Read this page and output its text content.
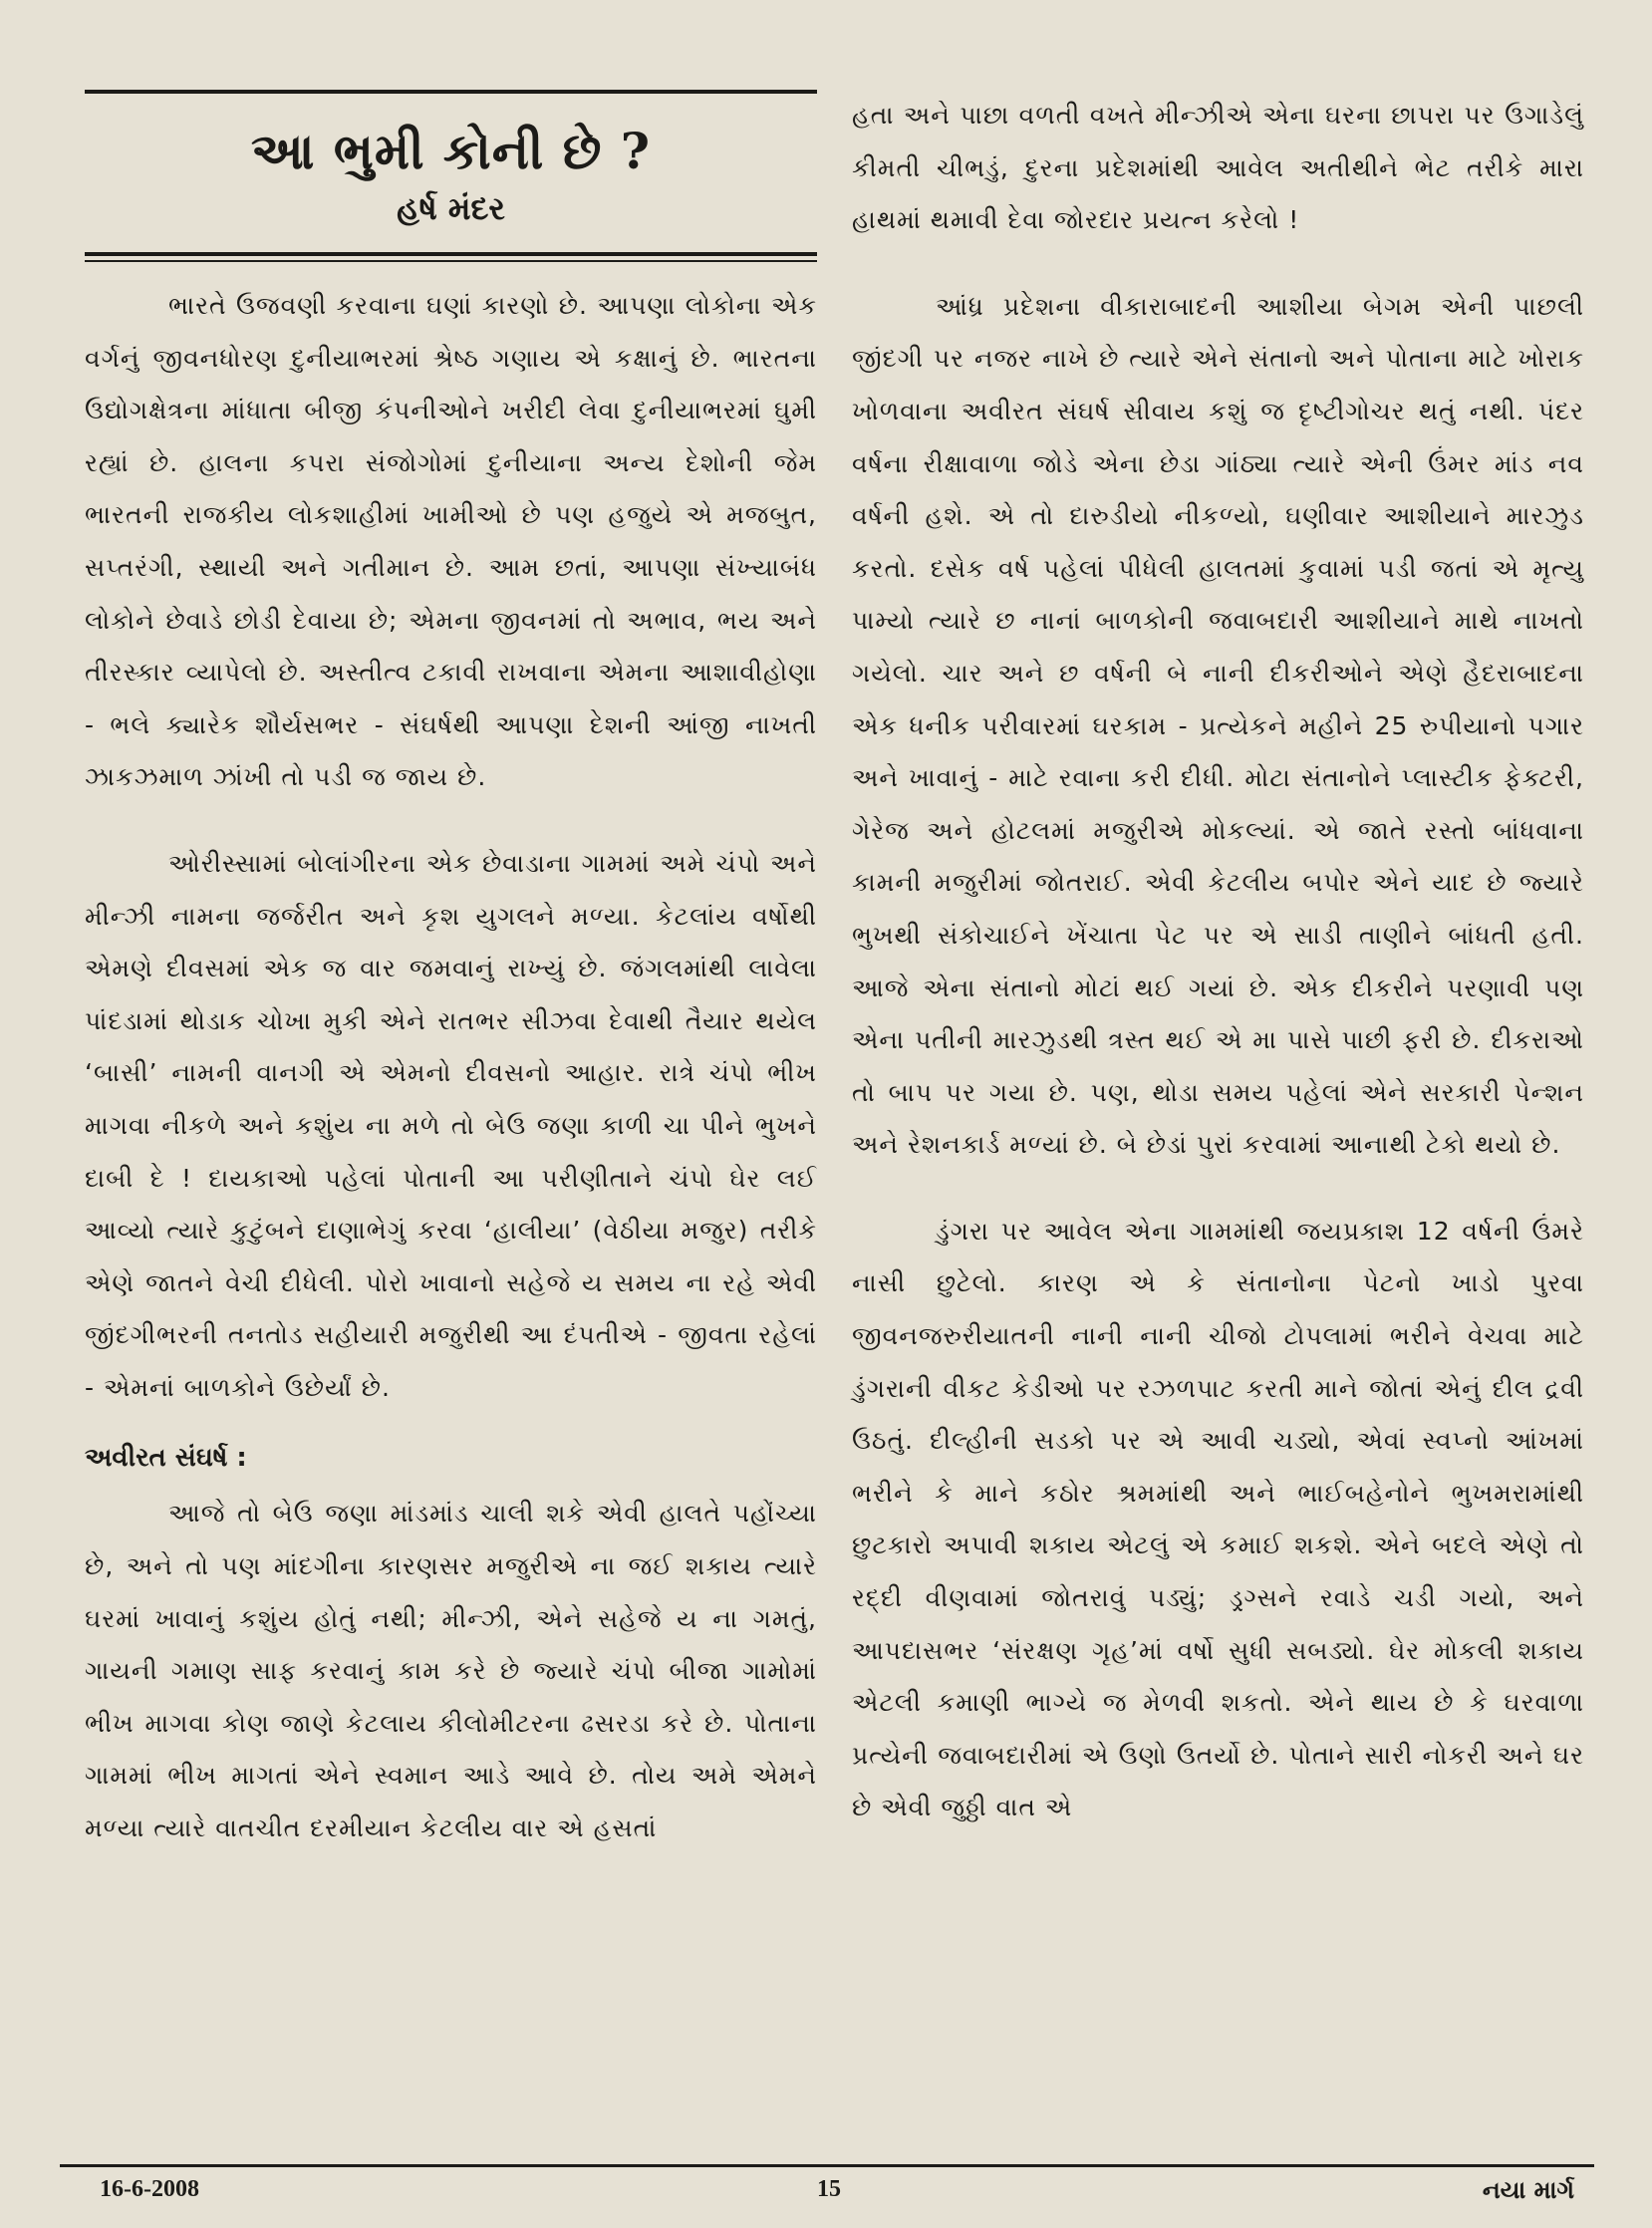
આ ભુમી કોની છે ?
હર્ષ મંદર

ભારતે ઉજવણી કરવાના ઘણાં કારણો છે. આપણા લોકોના એક વર્ગનું જીવનધોરણ દુનીયાભરમાં શ્રેષ્ઠ ગણાય એ કક્ષાનું છે. ભારતના ઉદ્યોગક્ષેત્રના માંધાતા બીજી કંપનીઓને ખરીદી લેવા દુનીયાભરમાં ઘુમી રહ્યાં છે. હાલના કપરા સંજોગોમાં દુનીયાના અન્ય દેશોની જેમ ભારતની રાજકીય લોકશાહીમાં ખામીઓ છે પણ હજુયે એ મજબુત, સપ્તરંગી, સ્થાયી અને ગતીમાન છે. આમ છતાં, આપણા સંખ્યાબંધ લોકોને છેવાડે છોડી દેવાયા છે; એમના જીવનમાં તો અભાવ, ભય અને તીરસ્કાર વ્યાપેલો છે. અસ્તીત્વ ટકાવી રાખવાના એમના આશાવીહોણા - ભલે ક્યારેક શૌર્યસભર - સંઘર્ષથી આપણા દેશની આંજી નાખતી ઝાકઝમાળ ઝાંખી તો પડી જ જાય છે.

ઓરીસ્સામાં બોલાંગીરના એક છેવાડાના ગામમાં અમે ચંપો અને મીન્ઝી નામના જર્જરીત અને કૃશ યુગલને મળ્યા. કેટલાંય વર્ષોથી એમણે દીવસમાં એક જ વાર જમવાનું રાખ્યું છે. જંગલમાંથી લાવેલા પાંદડામાં થોડાક ચોખા મુકી એને રાતભર સીઝવા દેવાથી તૈયાર થયેલ ‘બાસી’ નામની વાનગી એ એમનો દીવસનો આહાર. રાત્રે ચંપો ભીખ માગવા નીકળે અને કશુંય ના મળે તો બેઉ જણા કાળી ચા પીને ભુખને દાબી દે ! દાયકાઓ પહેલાં પોતાની આ પરીણીતાને ચંપો ઘેર લઈ આવ્યો ત્યારે કુટુંબને દાણાભેગું કરવા ‘હાલીયા’ (વેઠીયા મજુર) તરીકે એણે જાતને વેચી દીધેલી. પોરો ખાવાનો સહેજે ય સમય ના રહે એવી જીંદગીભરની તનતોડ સહીયારી મજુરીથી આ દંપતીએ - જીવતા રહેલાં - એમનાં બાળકોને ઉછેર્યાં છે.

અવીરત સંઘર્ષ :

આજે તો બેઉ જણા માંડમાંડ ચાલી શકે એવી હાલતે પહોંચ્યા છે, અને તો પણ માંદગીના કારણસર મજુરીએ ના જઈ શકાય ત્યારે ઘરમાં ખાવાનું કશુંય હોતું નથી; મીન્ઝી, એને સહેજે ય ના ગમતું, ગાયની ગમાણ સાફ કરવાનું કામ કરે છે જ્યારે ચંપો બીજા ગામોમાં ભીખ માગવા કોણ જાણે કેટલાય કીલોમીટરના ઢસરડા કરે છે. પોતાના ગામમાં ભીખ માગતાં એને સ્વમાન આડે આવે છે. તોય અમે એમને મળ્યા ત્યારે વાતચીત દરમીયાન કેટલીય વાર એ હસતાં

હતા અને પાછા વળતી વખતે મીન્ઝીએ એના ઘરના છાપરા પર ઉગાડેલું કીમતી ચીભડું, દુરના પ્રદેશમાંથી આવેલ અતીથીને ભેટ તરીકે મારા હાથમાં થમાવી દેવા જોરદાર પ્રયત્ન કરેલો !

આંધ્ર પ્રદેશના વીકારાબાદની આશીયા બેગમ એની પાછલી જીંદગી પર નજર નાખે છે ત્યારે એને સંતાનો અને પોતાના માટે ખોરાક ખોળવાના અવીરત સંઘર્ષ સીવાય કશું જ દૃષ્ટીગોચર થતું નથી. પંદર વર્ષના રીક્ષાવાળા જોડે એના છેડા ગાંઠ્યા ત્યારે એની ઉંમર માંડ નવ વર્ષની હશે. એ તો દારુડીયો નીકળ્યો, ઘણીવાર આશીયાને મારઝુડ કરતો. દસેક વર્ષ પહેલાં પીધેલી હાલતમાં કુવામાં પડી જતાં એ મૃત્યુ પામ્યો ત્યારે છ નાનાં બાળકોની જવાબદારી આશીયાને માથે નાખતો ગયેલો. ચાર અને છ વર્ષની બે નાની દીકરીઓને એણે હૈદરાબાદના એક ધનીક પરીવારમાં ઘરકામ - પ્રત્યેકને મહીને 25 રુપીયાનો પગાર અને ખાવાનું - માટે રવાના કરી દીધી. મોટા સંતાનોને પ્લાસ્ટીક ફેક્ટરી, ગેરેજ અને હોટલમાં મજુરીએ મોકલ્યાં. એ જાતે રસ્તો બાંધવાના કામની મજુરીમાં જોતરાઈ. એવી કેટલીય બપોર એને યાદ છે જ્યારે ભુખથી સંકોચાઈને ખેંચાતા પેટ પર એ સાડી તાણીને બાંધતી હતી. આજે એના સંતાનો મોટાં થઈ ગયાં છે. એક દીકરીને પરણાવી પણ એના પતીની મારઝુડથી ત્રસ્ત થઈ એ મા પાસે પાછી ફરી છે. દીકરાઓ તો બાપ પર ગયા છે. પણ, થોડા સમય પહેલાં એને સરકારી પેન્શન અને રેશનકાર્ડ મળ્યાં છે. બે છેડાં પુરાં કરવામાં આનાથી ટેકો થયો છે.

ડુંગરા પર આવેલ એના ગામમાંથી જયપ્રકાશ 12 વર્ષની ઉંમરે નાસી છુટેલો. કારણ એ કે સંતાનોના પેટનો ખાડો પુરવા જીવનજરુરીયાતની નાની નાની ચીજો ટોપલામાં ભરીને વેચવા માટે ડુંગરાની વીકટ કેડીઓ પર રઝળપાટ કરતી માને જોતાં એનું દીલ દ્રવી ઉઠતું. દીલ્હીની સડકો પર એ આવી ચડ્યો, એવાં સ્વપ્નો આંખમાં ભરીને કે માને કઠોર શ્રમમાંથી અને ભાઈબહેનોને ભુખમરામાંથી છુટકારો અપાવી શકાય એટલું એ કમાઈ શકશે. એને બદલે એણે તો રદ્દી વીણવામાં જોતરાવું પડ્યું; ડ્રગ્સને રવાડે ચડી ગયો, અને આપદાસભર ‘સંરક્ષણ ગૃહ’માં વર્ષો સુધી સબડ્યો. ઘેર મોકલી શકાય એટલી કમાણી ભાગ્યે જ મેળવી શકતો. એને થાય છે કે ઘરવાળા પ્રત્યેની જવાબદારીમાં એ ઉણો ઉતર્યો છે. પોતાને સારી નોકરી અને ઘર છે એવી જુઠ્ઠી વાત એ

16-6-2008	15	નયા માર્ગ
